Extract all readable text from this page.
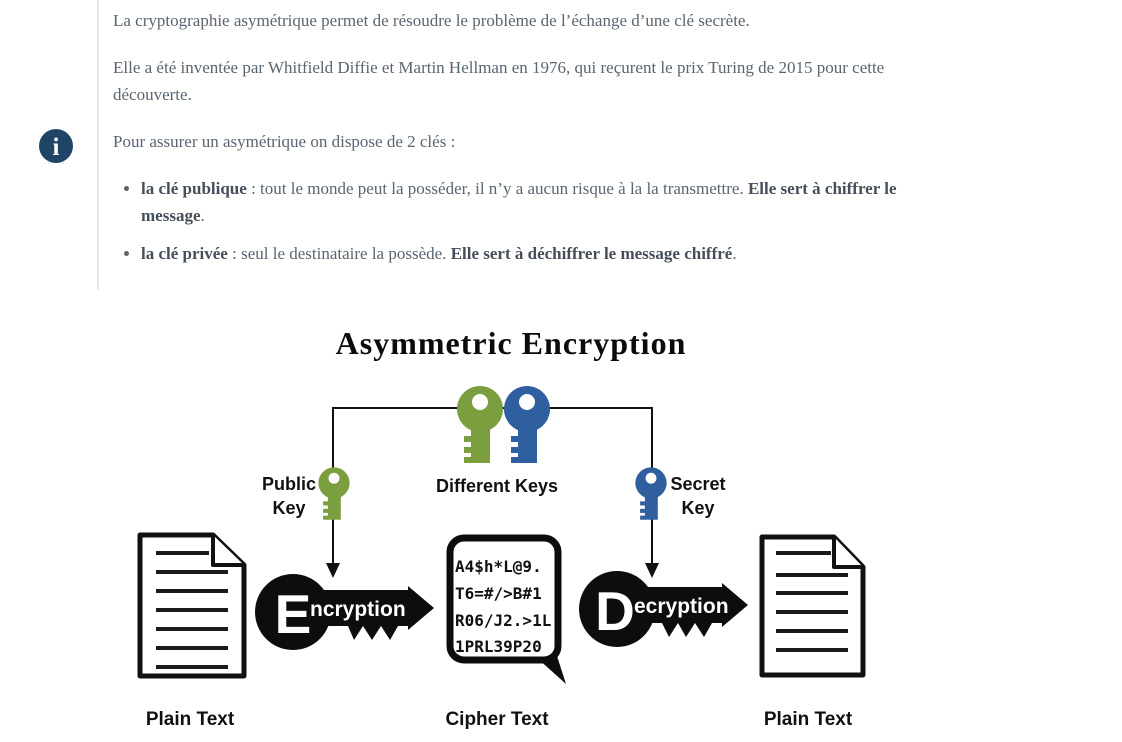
i

La cryptographie asymétrique permet de résoudre le problème de l’échange d’une clé secrète.

Elle a été inventée par Whitfield Diffie et Martin Hellman en 1976, qui reçurent le prix Turing de 2015 pour cette découverte.

Pour assurer un asymétrique on dispose de 2 clés :

• la clé publique : tout le monde peut la posséder, il n’y a aucun risque à la la transmettre. Elle sert à chiffrer le message.
• la clé privée : seul le destinataire la possède. Elle sert à déchiffrer le message chiffré.
Asymmetric Encryption
Public
Key
Different Keys	Secret
Key
E
ncryption
A4$h*L@9.
T6=#/>B#1
R06/J2.>1L
1PRL39P20
D ecryption
Plain Text	Cipher Text	Plain Text
